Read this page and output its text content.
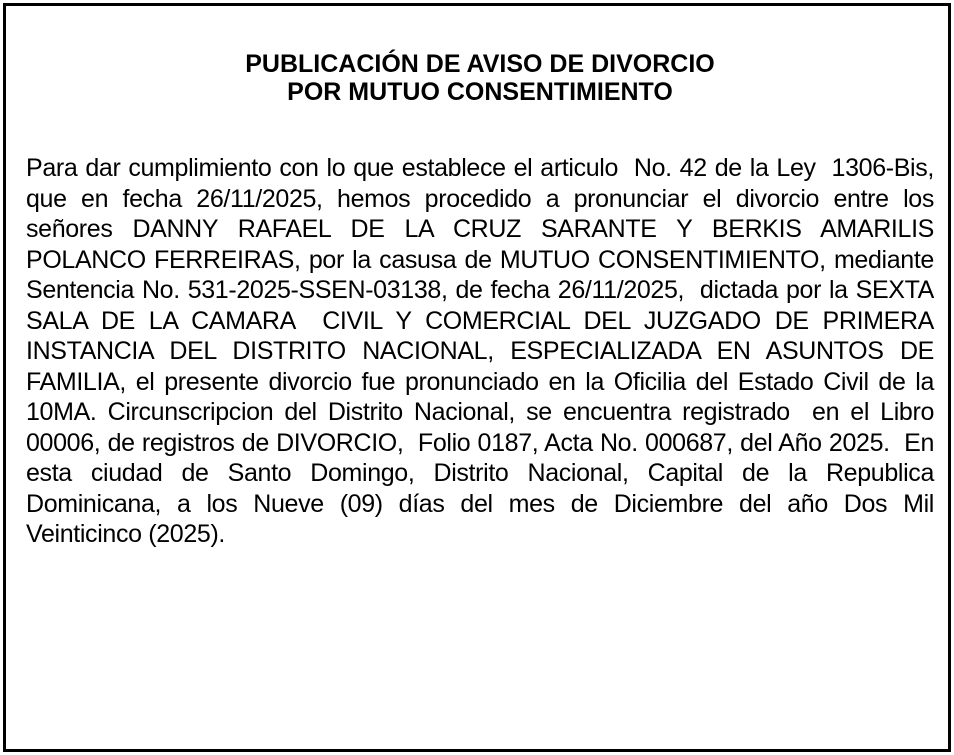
PUBLICACIÓN DE AVISO DE DIVORCIO
POR MUTUO CONSENTIMIENTO
Para dar cumplimiento con lo que establece el articulo  No. 42 de la Ley  1306-Bis, que en fecha 26/11/2025, hemos procedido a pronunciar el divorcio entre los señores DANNY RAFAEL DE LA CRUZ SARANTE Y BERKIS AMARILIS POLANCO FERREIRAS, por la casusa de MUTUO CONSENTIMIENTO, mediante Sentencia No. 531-2025-SSEN-03138, de fecha 26/11/2025,  dictada por la SEXTA SALA DE LA CAMARA  CIVIL Y COMERCIAL DEL JUZGADO DE PRIMERA INSTANCIA DEL DISTRITO NACIONAL, ESPECIALIZADA EN ASUNTOS DE FAMILIA, el presente divorcio fue pronunciado en la Oficilia del Estado Civil de la 10MA. Circunscripcion del Distrito Nacional, se encuentra registrado  en el Libro 00006, de registros de DIVORCIO,  Folio 0187, Acta No. 000687, del Año 2025.  En esta ciudad de Santo Domingo, Distrito Nacional, Capital de la Republica Dominicana, a los Nueve (09) días del mes de Diciembre del año Dos Mil Veinticinco (2025).
